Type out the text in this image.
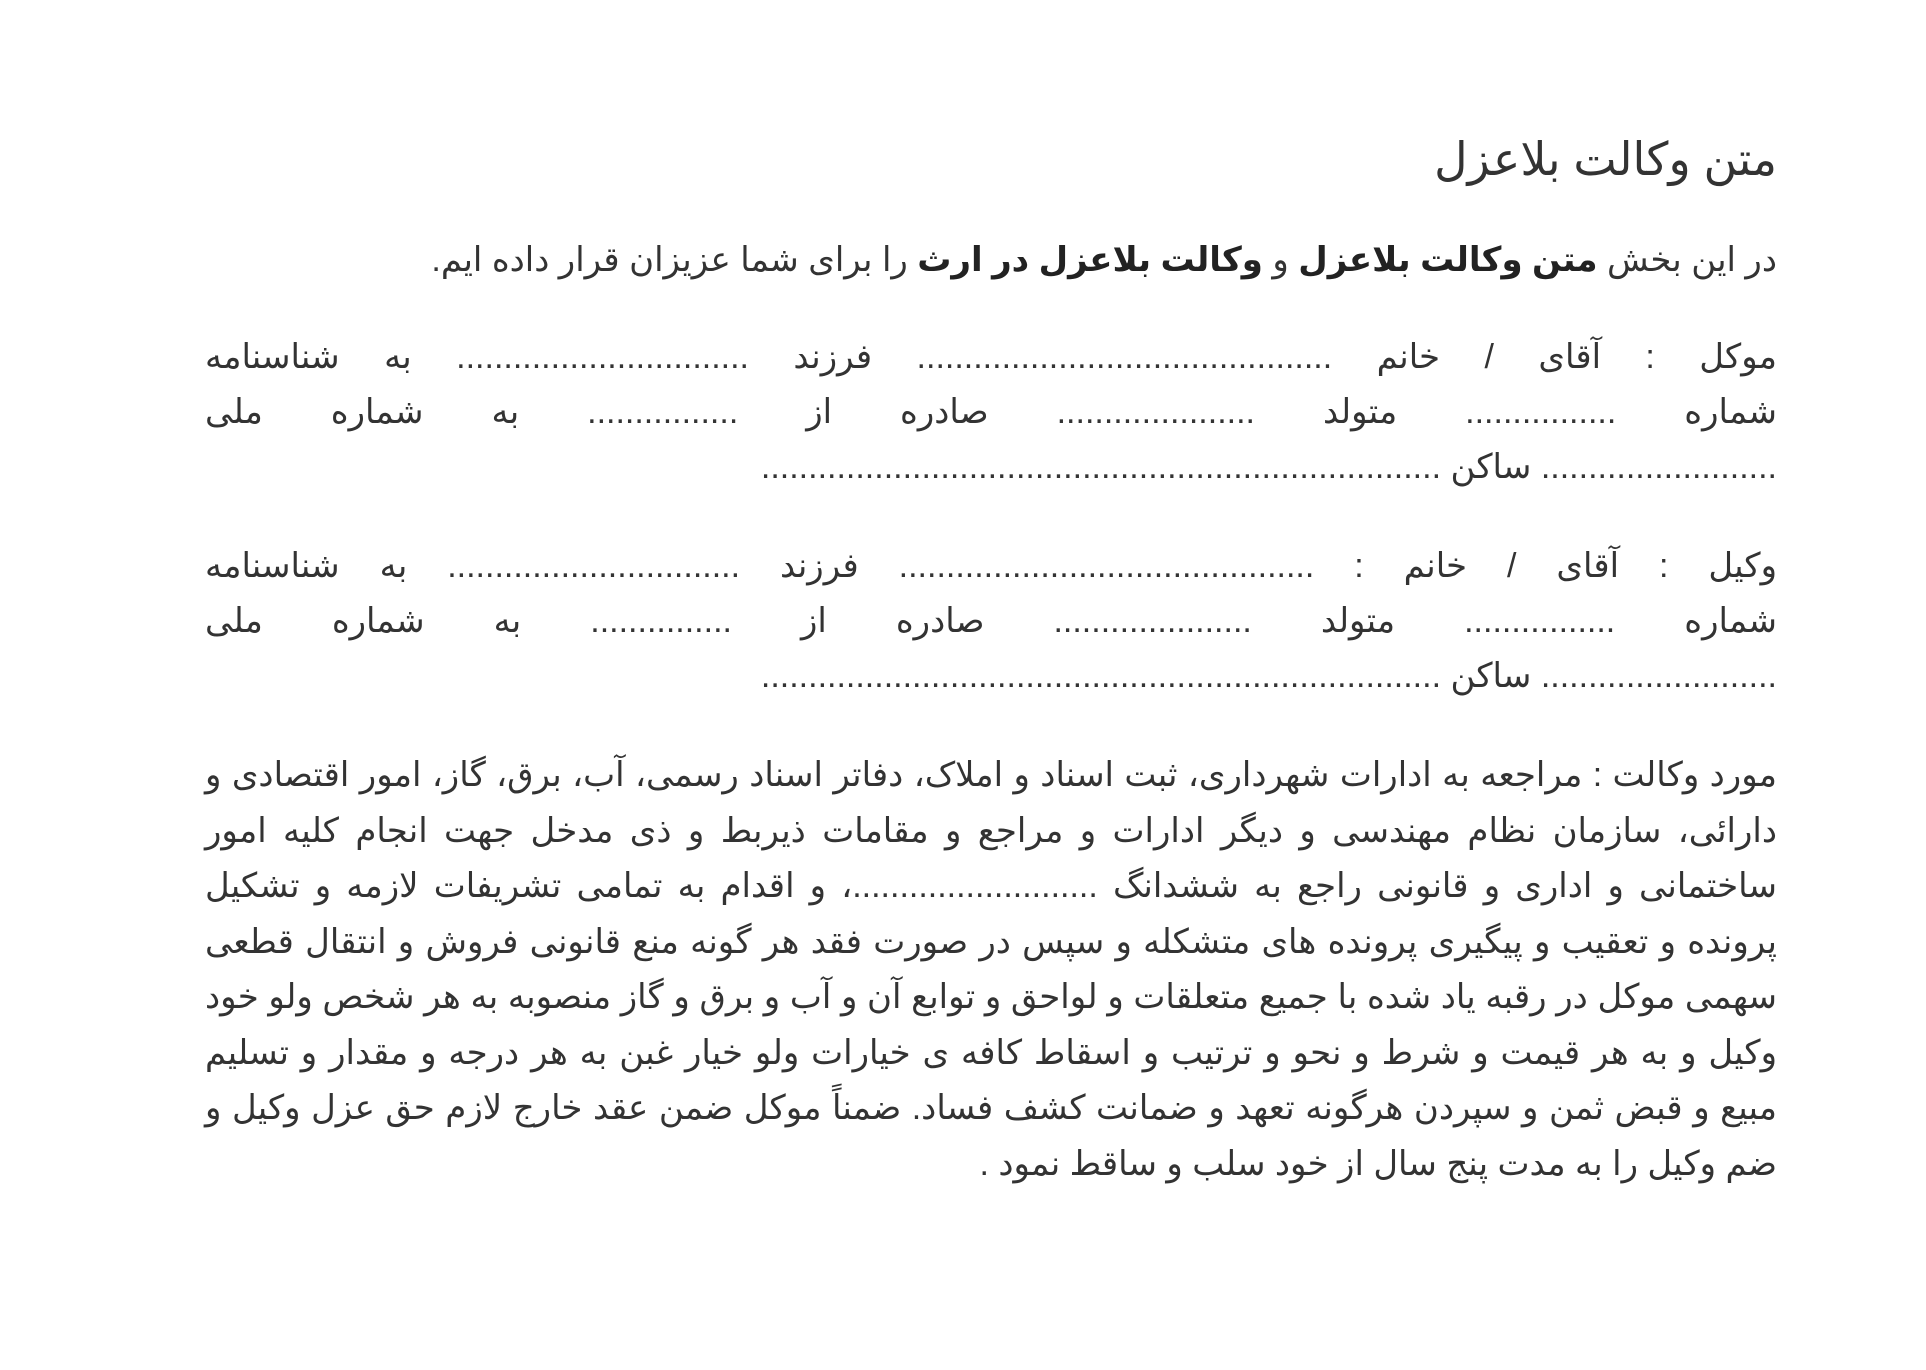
متن وکالت بلاعزل

در این بخش متن وکالت بلاعزل و وکالت بلاعزل در ارث را برای شما عزیزان قرار داده ایم.

موکل : آقای / خانم ............................................ فرزند ............................... به شناسنامه
شماره ................ متولد ..................... صادره از ................ به شماره ملی
......................... ساکن ........................................................................
وکیل : آقای / خانم : ............................................ فرزند ............................... به شناسنامه
شماره ................ متولد ..................... صادره از ............... به شماره ملی
......................... ساکن ........................................................................

مورد وکالت : مراجعه به ادارات شهرداری، ثبت اسناد و املاک، دفاتر اسناد رسمی، آب، برق، گاز، امور اقتصادی و دارائی، سازمان نظام مهندسی و دیگر ادارات و مراجع و مقامات ذیربط و ذی مدخل جهت انجام کلیه امور ساختمانی و اداری و قانونی راجع به ششدانگ ..........................، و اقدام به تمامی تشریفات لازمه و تشکیل پرونده و تعقیب و پیگیری پرونده های متشکله و سپس در صورت فقد هر گونه منع قانونی فروش و انتقال قطعی سهمی موکل در رقبه یاد شده با جمیع متعلقات و لواحق و توابع آن و آب و برق و گاز منصوبه به هر شخص ولو خود وکیل و به هر قیمت و شرط و نحو و ترتیب و اسقاط کافه ی خیارات ولو خیار غبن به هر درجه و مقدار و تسلیم مبیع و قبض ثمن و سپردن هرگونه تعهد و ضمانت کشف فساد. ضمناً موکل ضمن عقد خارج لازم حق عزل وکیل و ضم وکیل را به مدت پنج سال از خود سلب و ساقط نمود .
